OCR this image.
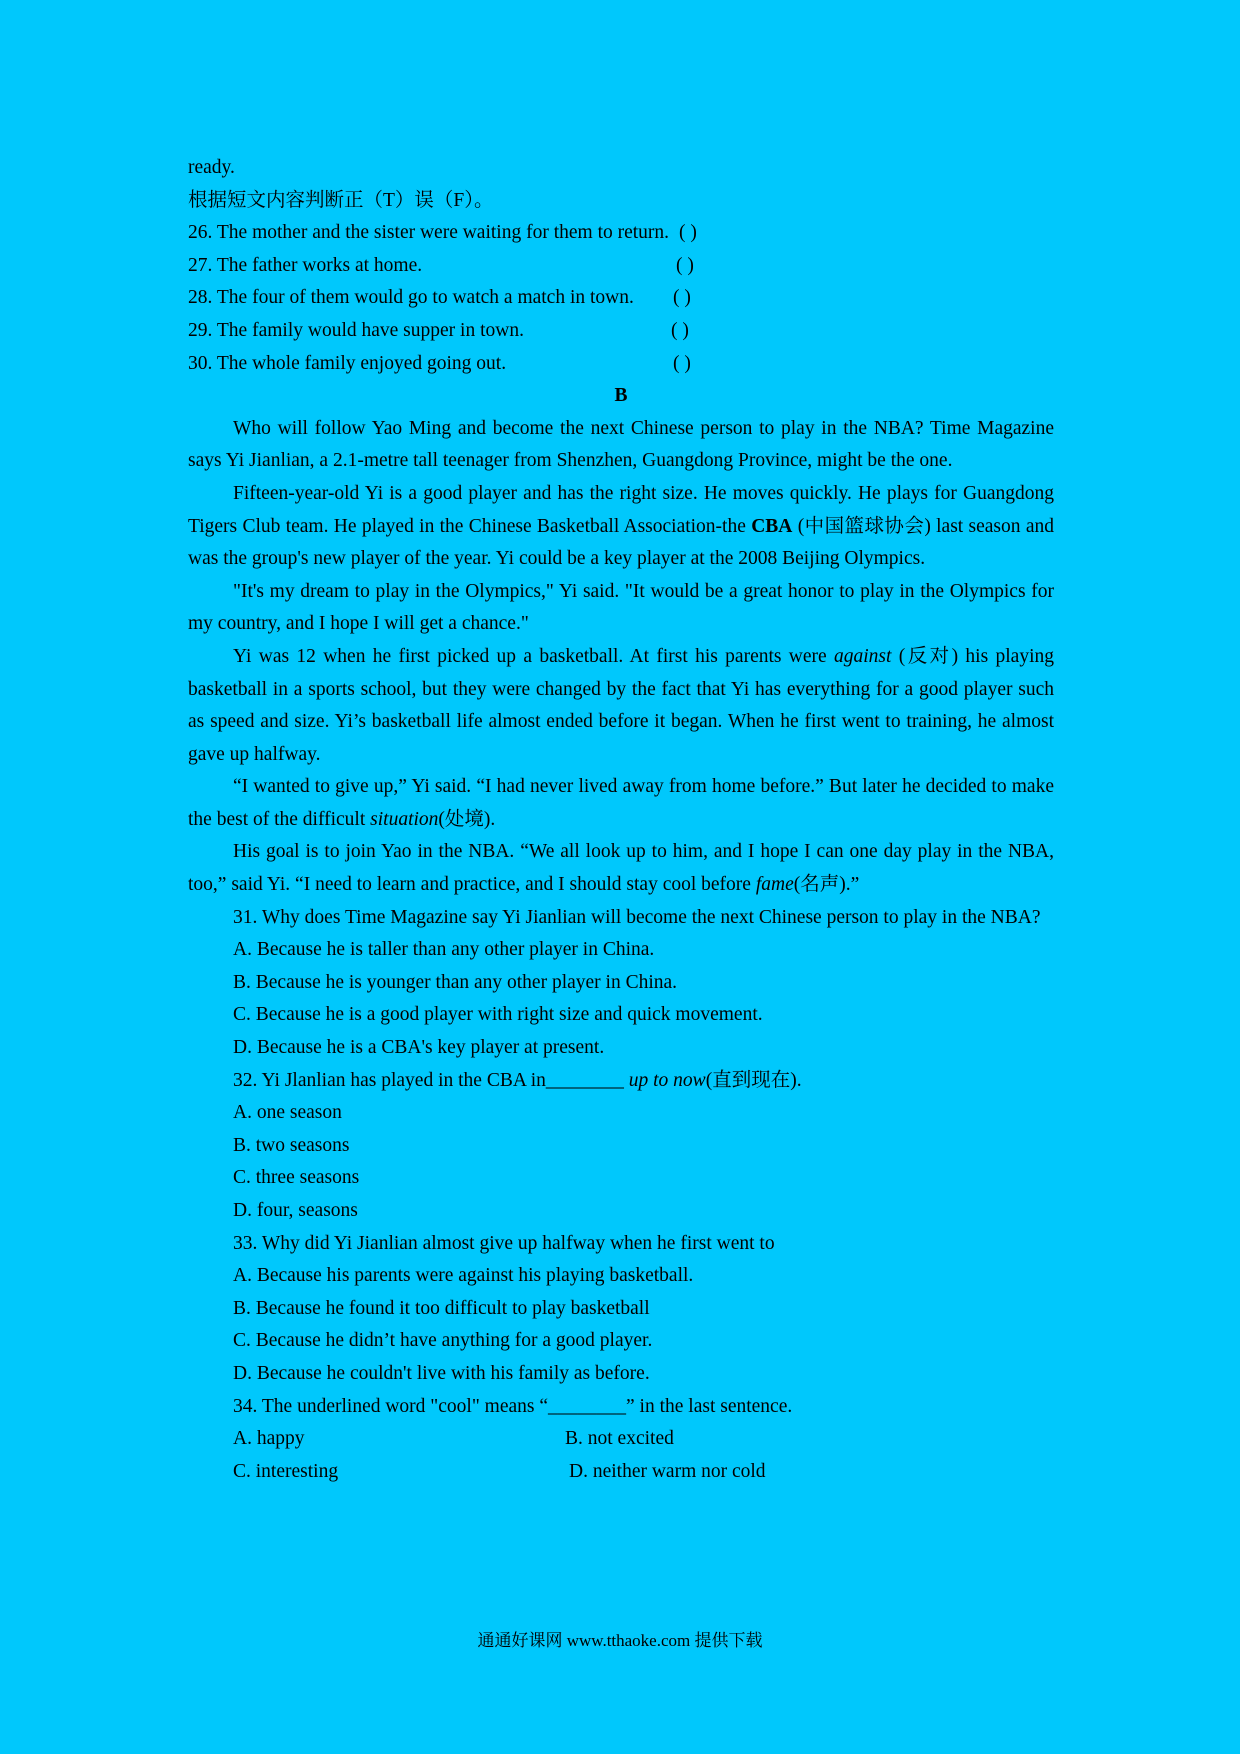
ready.
根据短文内容判断正（T）误（F）。
26. The mother and the sister were waiting for them to return. ( )
27. The father works at home.	( )
28. The four of them would go to watch a match in town. ( )
29. The family would have supper in town.	( )
30. The whole family enjoyed going out.	( )
B

Who will follow Yao Ming and become the next Chinese person to play in the NBA? Time Magazine says Yi Jianlian, a 2.1-metre tall teenager from Shenzhen, Guangdong Province, might be the one.

Fifteen-year-old Yi is a good player and has the right size. He moves quickly. He plays for Guangdong Tigers Club team. He played in the Chinese Basketball Association-the CBA (中国篮球协会) last season and was the group's new player of the year. Yi could be a key player at the 2008 Beijing Olympics.

"It's my dream to play in the Olympics," Yi said. "It would be a great honor to play in the Olympics for my country, and I hope I will get a chance."

Yi was 12 when he first picked up a basketball. At first his parents were against (反对) his playing basketball in a sports school, but they were changed by the fact that Yi has everything for a good player such as speed and size. Yi’s basketball life almost ended before it began. When he first went to training, he almost gave up halfway.

“I wanted to give up,” Yi said. “I had never lived away from home before.” But later he decided to make the best of the difficult situation(处境).

His goal is to join Yao in the NBA. “We all look up to him, and I hope I can one day play in the NBA, too,” said Yi. “I need to learn and practice, and I should stay cool before fame(名声).”

31. Why does Time Magazine say Yi Jianlian will become the next Chinese person to play in the NBA?

A. Because he is taller than any other player in China.
B. Because he is younger than any other player in China.
C. Because he is a good player with right size and quick movement.
D. Because he is a CBA's key player at present.
32. Yi Jlanlian has played in the CBA in________ up to now(直到现在).
A. one season
B. two seasons
C. three seasons
D. four, seasons
33. Why did Yi Jianlian almost give up halfway when he first went to
A. Because his parents were against his playing basketball.
B. Because he found it too difficult to play basketball
C. Because he didn’t have anything for a good player.
D. Because he couldn't live with his family as before.
34. The underlined word "cool" means “________” in the last sentence.
A. happy	B. not excited
C. interesting	D. neither warm nor cold
通通好课网 www.tthaoke.com 提供下载
